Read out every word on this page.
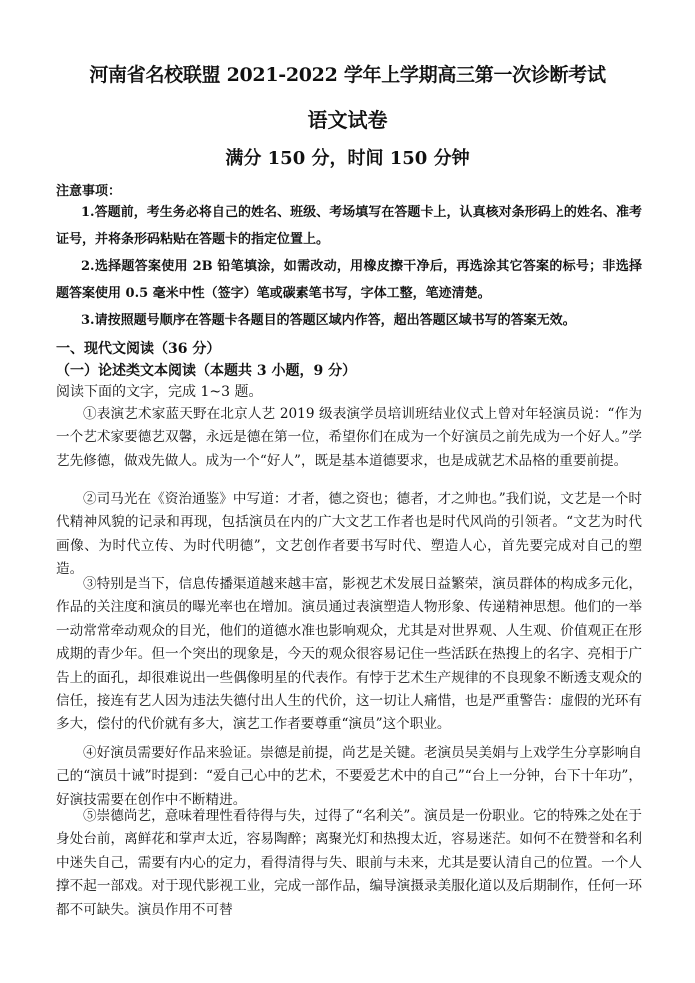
河南省名校联盟 2021-2022 学年上学期高三第一次诊断考试
语文试卷
满分 150 分，时间 150 分钟
注意事项：
1.答题前，考生务必将自己的姓名、班级、考场填写在答题卡上，认真核对条形码上的姓名、准考证号，并将条形码粘贴在答题卡的指定位置上。
2.选择题答案使用 2B 铅笔填涂，如需改动，用橡皮擦干净后，再选涂其它答案的标号；非选择题答案使用 0.5 毫米中性（签字）笔或碳素笔书写，字体工整，笔迹清楚。
3.请按照题号顺序在答题卡各题目的答题区域内作答，超出答题区域书写的答案无效。
一、现代文阅读（36 分）
（一）论述类文本阅读（本题共 3 小题，9 分）
阅读下面的文字，完成 1~3 题。
①表演艺术家蓝天野在北京人艺 2019 级表演学员培训班结业仪式上曾对年轻演员说：“作为一个艺术家要德艺双馨，永远是德在第一位，希望你们在成为一个好演员之前先成为一个好人。”学艺先修德，做戏先做人。成为一个“好人”，既是基本道德要求，也是成就艺术品格的重要前提。
②司马光在《资治通鉴》中写道：才者，德之资也；德者，才之帅也。”我们说，文艺是一个时代精神风貌的记录和再现，包括演员在内的广大文艺工作者也是时代风尚的引领者。“文艺为时代画像、为时代立传、为时代明德”，文艺创作者要书写时代、塑造人心，首先要完成对自己的塑造。
③特别是当下，信息传播渠道越来越丰富，影视艺术发展日益繁荣，演员群体的构成多元化，作品的关注度和演员的曝光率也在增加。演员通过表演塑造人物形象、传递精神思想。他们的一举一动常常牵动观众的目光，他们的道德水准也影响观众，尤其是对世界观、人生观、价值观正在形成期的青少年。但一个突出的现象是，今天的观众很容易记住一些活跃在热搜上的名字、亮相于广告上的面孔，却很难说出一些偶像明星的代表作。有悖于艺术生产规律的不良现象不断透支观众的信任，接连有艺人因为违法失德付出人生的代价，这一切让人痛惜，也是严重警告：虚假的光环有多大，偿付的代价就有多大，演艺工作者要尊重“演员”这个职业。
④好演员需要好作品来验证。崇德是前提，尚艺是关键。老演员吴美娟与上戏学生分享影响自己的“演员十诫”时提到：“爱自己心中的艺术，不要爱艺术中的自己”“台上一分钟，台下十年功”，好演技需要在创作中不断精进。
⑤崇德尚艺，意味着理性看待得与失，过得了“名利关”。演员是一份职业。它的特殊之处在于身处台前，离鲜花和掌声太近，容易陶醉；离聚光灯和热搜太近，容易迷茫。如何不在赞誉和名利中迷失自己，需要有内心的定力，看得清得与失、眼前与未来，尤其是要认清自己的位置。一个人撑不起一部戏。对于现代影视工业，完成一部作品，编导演摄录美服化道以及后期制作，任何一环都不可缺失。演员作用不可替
